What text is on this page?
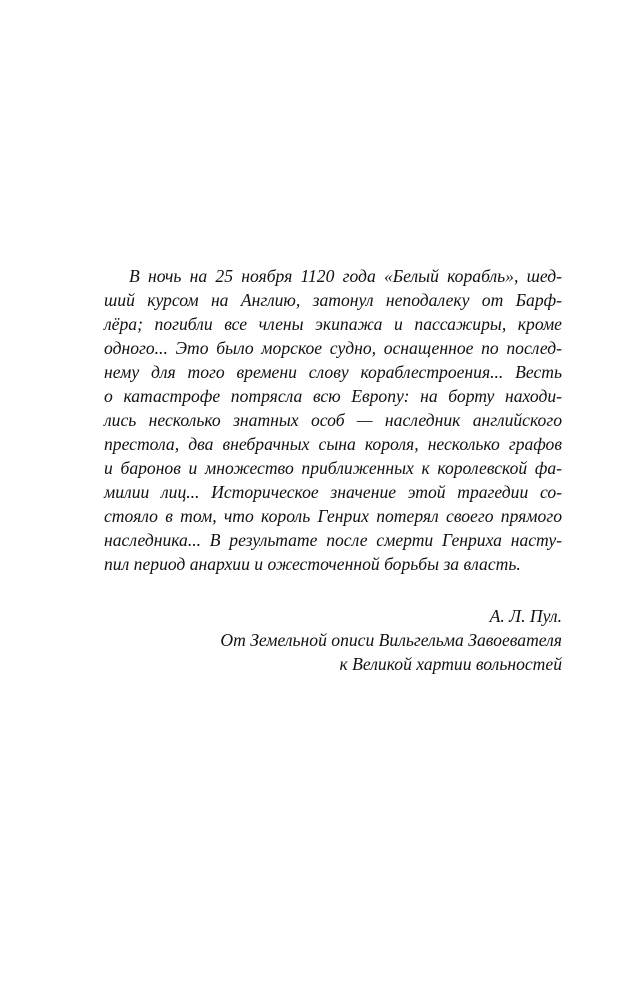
В ночь на 25 ноября 1120 года «Белый корабль», шед-
ший курсом на Англию, затонул неподалеку от Барф-
лёра; погибли все члены экипажа и пассажиры, кроме
одного... Это было морское судно, оснащенное по послед-
нему для того времени слову кораблестроения... Весть
о катастрофе потрясла всю Европу: на борту находи-
лись несколько знатных особ — наследник английского
престола, два внебрачных сына короля, несколько графов
и баронов и множество приближенных к королевской фа-
милии лиц... Историческое значение этой трагедии со-
стояло в том, что король Генрих потерял своего прямого
наследника... В результате после смерти Генриха насту-
пил период анархии и ожесточенной борьбы за власть.
А. Л. Пул.
От Земельной описи Вильгельма Завоевателя
к Великой хартии вольностей
